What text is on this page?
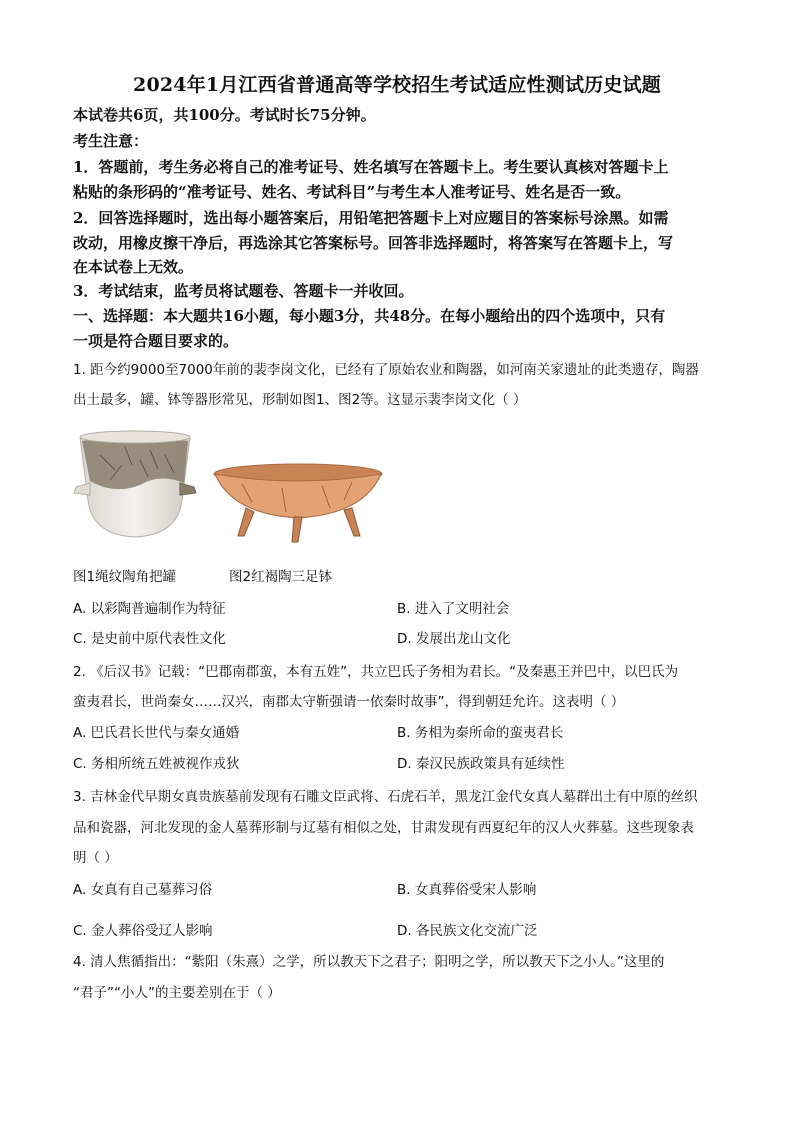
2024年1月江西省普通高等学校招生考试适应性测试历史试题
本试卷共6页，共100分。考试时长75分钟。
考生注意：
1．答题前，考生务必将自己的准考证号、姓名填写在答题卡上。考生要认真核对答题卡上
粘贴的条形码的“准考证号、姓名、考试科目”与考生本人准考证号、姓名是否一致。
2．回答选择题时，选出每小题答案后，用铅笔把答题卡上对应题目的答案标号涂黑。如需
改动，用橡皮擦干净后，再选涂其它答案标号。回答非选择题时，将答案写在答题卡上，写
在本试卷上无效。
3．考试结束，监考员将试题卷、答题卡一并收回。
一、选择题：本大题共16小题，每小题3分，共48分。在每小题给出的四个选项中，只有
一项是符合题目要求的。
1. 距今约9000至7000年前的裴李岗文化，已经有了原始农业和陶器，如河南关家遗址的此类遗存，陶器
出土最多，罐、钵等器形常见，形制如图1、图2等。这显示裴李岗文化（ ）
图1绳纹陶角把罐	图2红褐陶三足钵
A. 以彩陶普遍制作为特征	B. 进入了文明社会
C. 是史前中原代表性文化	D. 发展出龙山文化
2. 《后汉书》记载：“巴郡南郡蛮，本有五姓”，共立巴氏子务相为君长。“及秦惠王并巴中，以巴氏为
蛮夷君长，世尚秦女……汉兴，南郡太守靳强请一依秦时故事”，得到朝廷允许。这表明（ ）
A. 巴氏君长世代与秦女通婚	B. 务相为秦所命的蛮夷君长
C. 务相所统五姓被视作戎狄	D. 秦汉民族政策具有延续性
3. 吉林金代早期女真贵族墓前发现有石雕文臣武将、石虎石羊，黑龙江金代女真人墓群出土有中原的丝织
品和瓷器，河北发现的金人墓葬形制与辽墓有相似之处，甘肃发现有西夏纪年的汉人火葬墓。这些现象表
明（ ）
A. 女真有自己墓葬习俗	B. 女真葬俗受宋人影响
C. 金人葬俗受辽人影响	D. 各民族文化交流广泛
4. 清人焦循指出：“紫阳（朱熹）之学，所以教天下之君子；阳明之学，所以教天下之小人。”这里的
“君子”“小人”的主要差别在于（ ）
